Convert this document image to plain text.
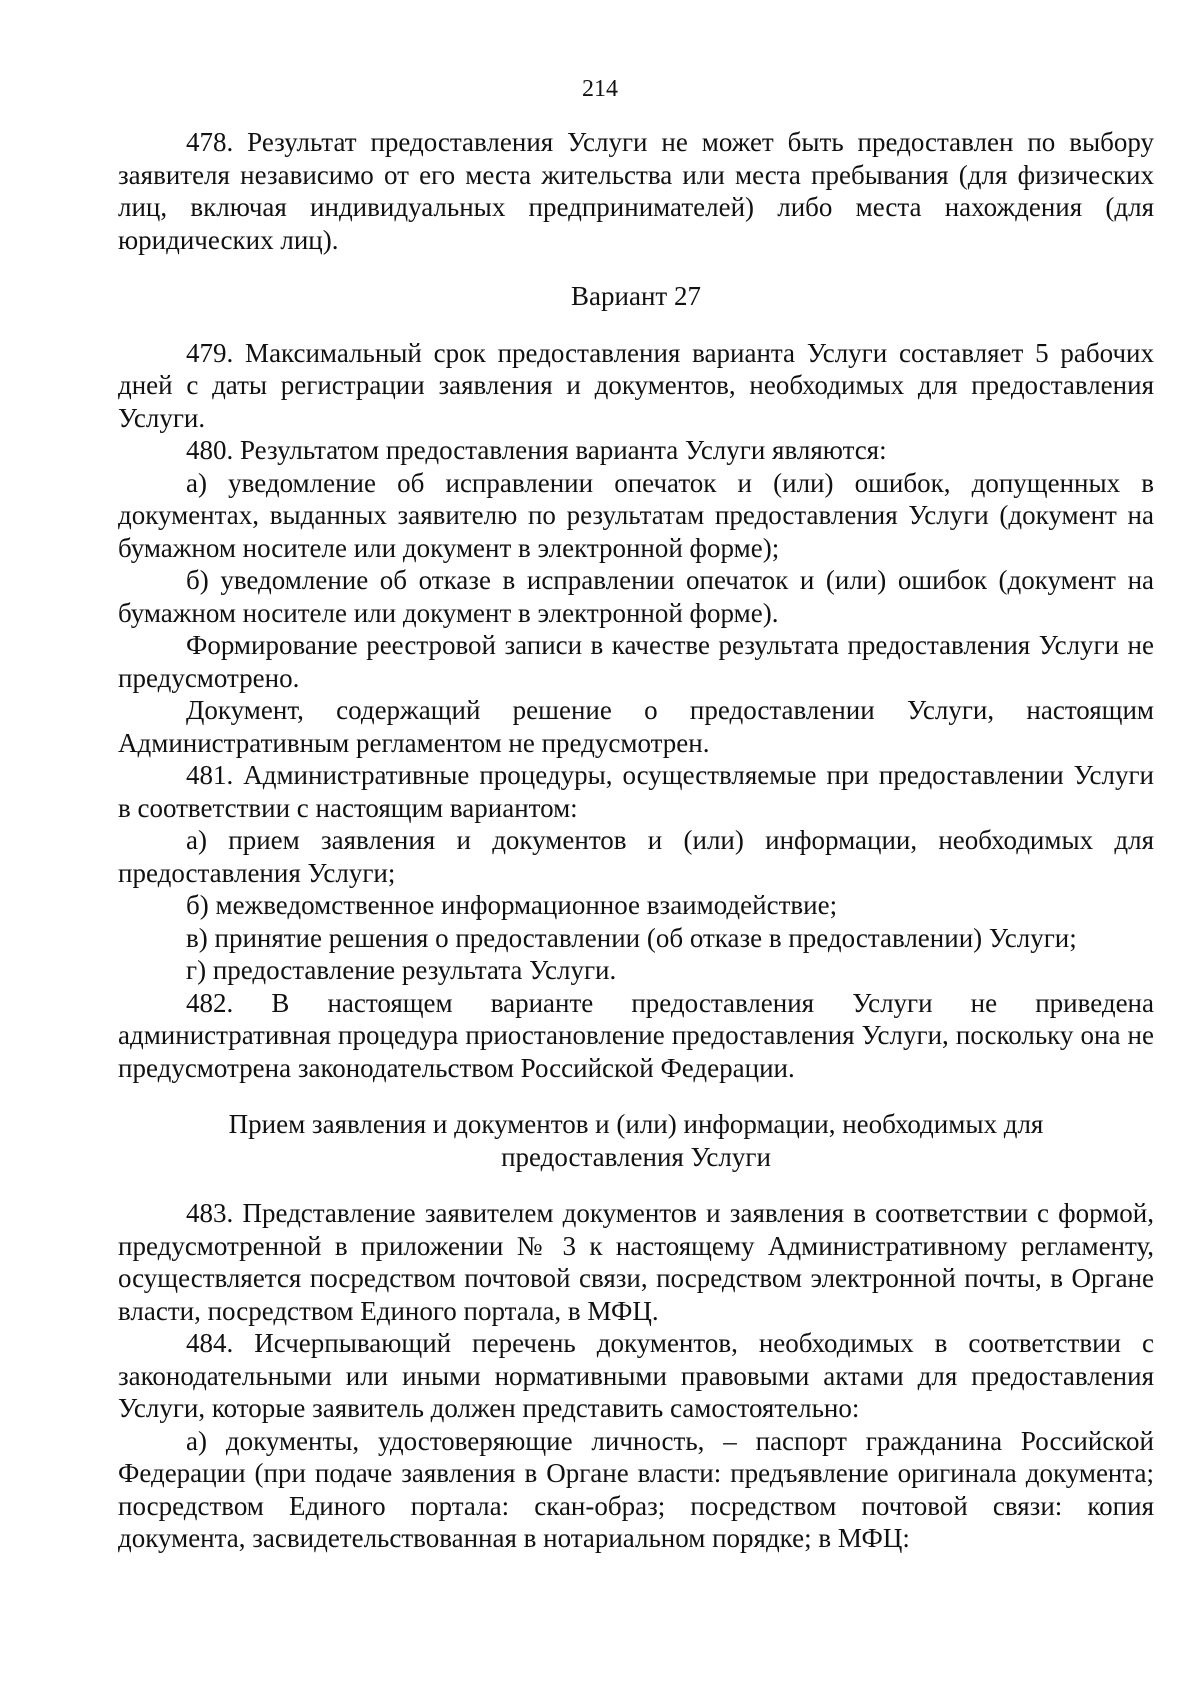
214

478. Результат предоставления Услуги не может быть предоставлен по выбору заявителя независимо от его места жительства или места пребывания (для физических лиц, включая индивидуальных предпринимателей) либо места нахождения (для юридических лиц).

Вариант 27

479. Максимальный срок предоставления варианта Услуги составляет 5 рабочих дней с даты регистрации заявления и документов, необходимых для предоставления Услуги.

480. Результатом предоставления варианта Услуги являются:

а) уведомление об исправлении опечаток и (или) ошибок, допущенных в документах, выданных заявителю по результатам предоставления Услуги (документ на бумажном носителе или документ в электронной форме);

б) уведомление об отказе в исправлении опечаток и (или) ошибок (документ на бумажном носителе или документ в электронной форме).

Формирование реестровой записи в качестве результата предоставления Услуги не предусмотрено.

Документ, содержащий решение о предоставлении Услуги, настоящим Административным регламентом не предусмотрен.

481. Административные процедуры, осуществляемые при предоставлении Услуги в соответствии с настоящим вариантом:

а) прием заявления и документов и (или) информации, необходимых для предоставления Услуги;

б) межведомственное информационное взаимодействие;

в) принятие решения о предоставлении (об отказе в предоставлении) Услуги;

г) предоставление результата Услуги.

482. В настоящем варианте предоставления Услуги не приведена административная процедура приостановление предоставления Услуги, поскольку она не предусмотрена законодательством Российской Федерации.

Прием заявления и документов и (или) информации, необходимых для

предоставления Услуги

483. Представление заявителем документов и заявления в соответствии с формой, предусмотренной в приложении № 3 к настоящему Административному регламенту, осуществляется посредством почтовой связи, посредством электронной почты, в Органе власти, посредством Единого портала, в МФЦ.

484. Исчерпывающий перечень документов, необходимых в соответствии с законодательными или иными нормативными правовыми актами для предоставления Услуги, которые заявитель должен представить самостоятельно:

а) документы, удостоверяющие личность, – паспорт гражданина Российской Федерации (при подаче заявления в Органе власти: предъявление оригинала документа; посредством Единого портала: скан-образ; посредством почтовой связи: копия документа, засвидетельствованная в нотариальном порядке; в МФЦ:
